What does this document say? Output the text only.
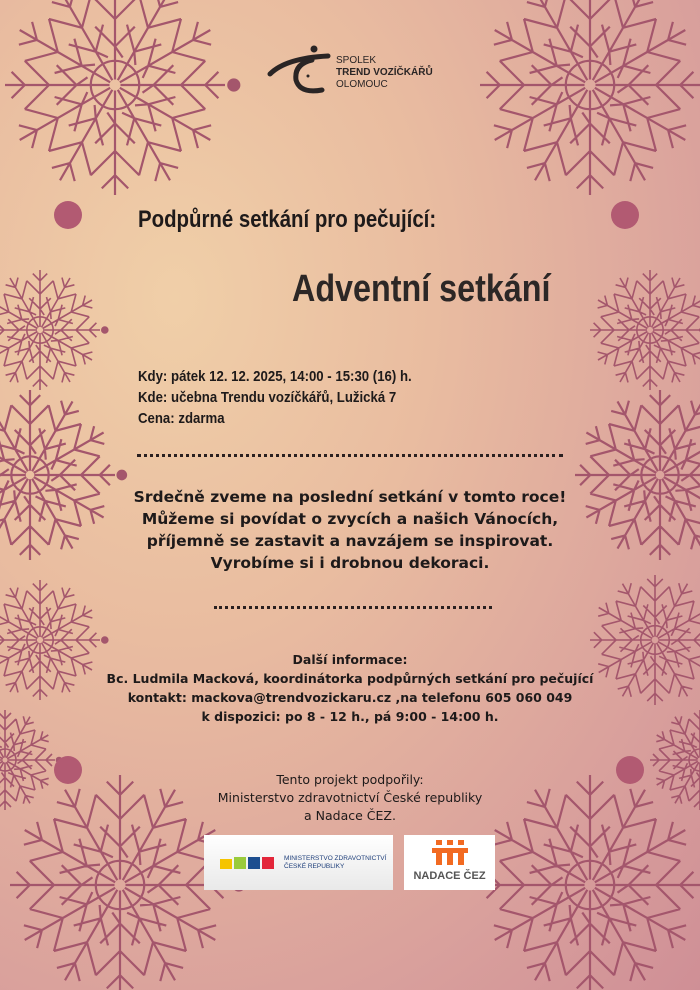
SPOLEK
TREND VOZÍČKÁŘŮ
OLOMOUC
Podpůrné setkání pro pečující:
Adventní setkání
Kdy: pátek 12. 12. 2025, 14:00 - 15:30 (16) h.
Kde: učebna Trendu vozíčkářů, Lužická 7
Cena: zdarma
Srdečně zveme na poslední setkání v tomto roce!
Můžeme si povídat o zvycích a našich Vánocích,
příjemně se zastavit a navzájem se inspirovat.
Vyrobíme si i drobnou dekoraci.
Další informace:
Bc. Ludmila Macková, koordinátorka podpůrných setkání pro pečující
kontakt: mackova@trendvozickaru.cz ,na telefonu 605 060 049
k dispozici: po 8 - 12 h., pá 9:00 - 14:00 h.
Tento projekt podpořily:
Ministerstvo zdravotnictví České republiky
a Nadace ČEZ.
MINISTERSTVO ZDRAVOTNICTVÍ
ČESKÉ REPUBLIKY
NADACE ČEZ
